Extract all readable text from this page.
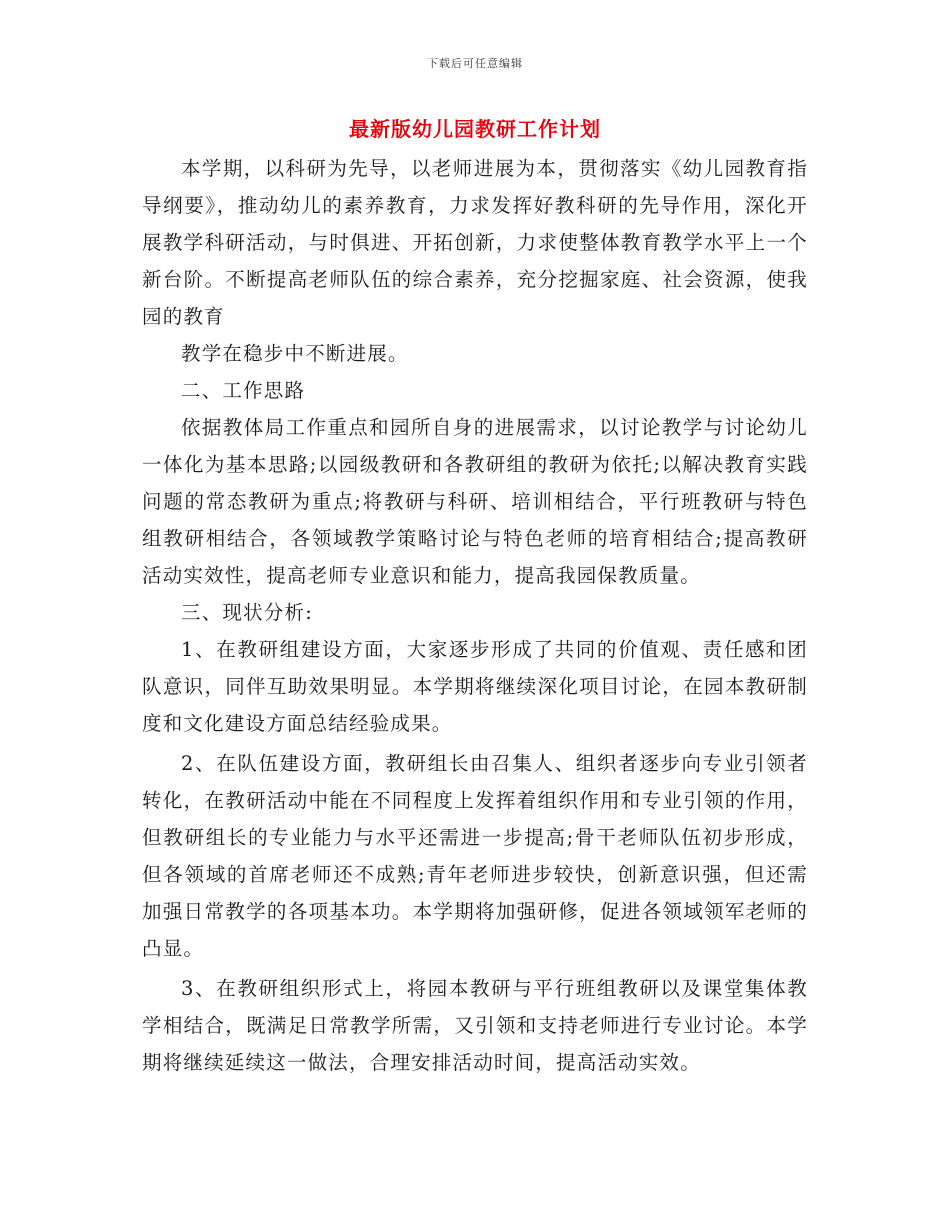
下载后可任意编辑
最新版幼儿园教研工作计划

本学期，以科研为先导，以老师进展为本，贯彻落实《幼儿园教育指导纲要》，推动幼儿的素养教育，力求发挥好教科研的先导作用，深化开展教学科研活动，与时俱进、开拓创新，力求使整体教育教学水平上一个新台阶。不断提高老师队伍的综合素养，充分挖掘家庭、社会资源，使我园的教育

教学在稳步中不断进展。

二、工作思路

依据教体局工作重点和园所自身的进展需求，以讨论教学与讨论幼儿一体化为基本思路;以园级教研和各教研组的教研为依托;以解决教育实践问题的常态教研为重点;将教研与科研、培训相结合，平行班教研与特色组教研相结合，各领域教学策略讨论与特色老师的培育相结合;提高教研活动实效性，提高老师专业意识和能力，提高我园保教质量。

三、现状分析:

1、在教研组建设方面，大家逐步形成了共同的价值观、责任感和团队意识，同伴互助效果明显。本学期将继续深化项目讨论，在园本教研制度和文化建设方面总结经验成果。

2、在队伍建设方面，教研组长由召集人、组织者逐步向专业引领者转化，在教研活动中能在不同程度上发挥着组织作用和专业引领的作用，但教研组长的专业能力与水平还需进一步提高;骨干老师队伍初步形成，但各领域的首席老师还不成熟;青年老师进步较快，创新意识强，但还需加强日常教学的各项基本功。本学期将加强研修，促进各领域领军老师的凸显。

3、在教研组织形式上，将园本教研与平行班组教研以及课堂集体教学相结合，既满足日常教学所需，又引领和支持老师进行专业讨论。本学期将继续延续这一做法，合理安排活动时间，提高活动实效。
